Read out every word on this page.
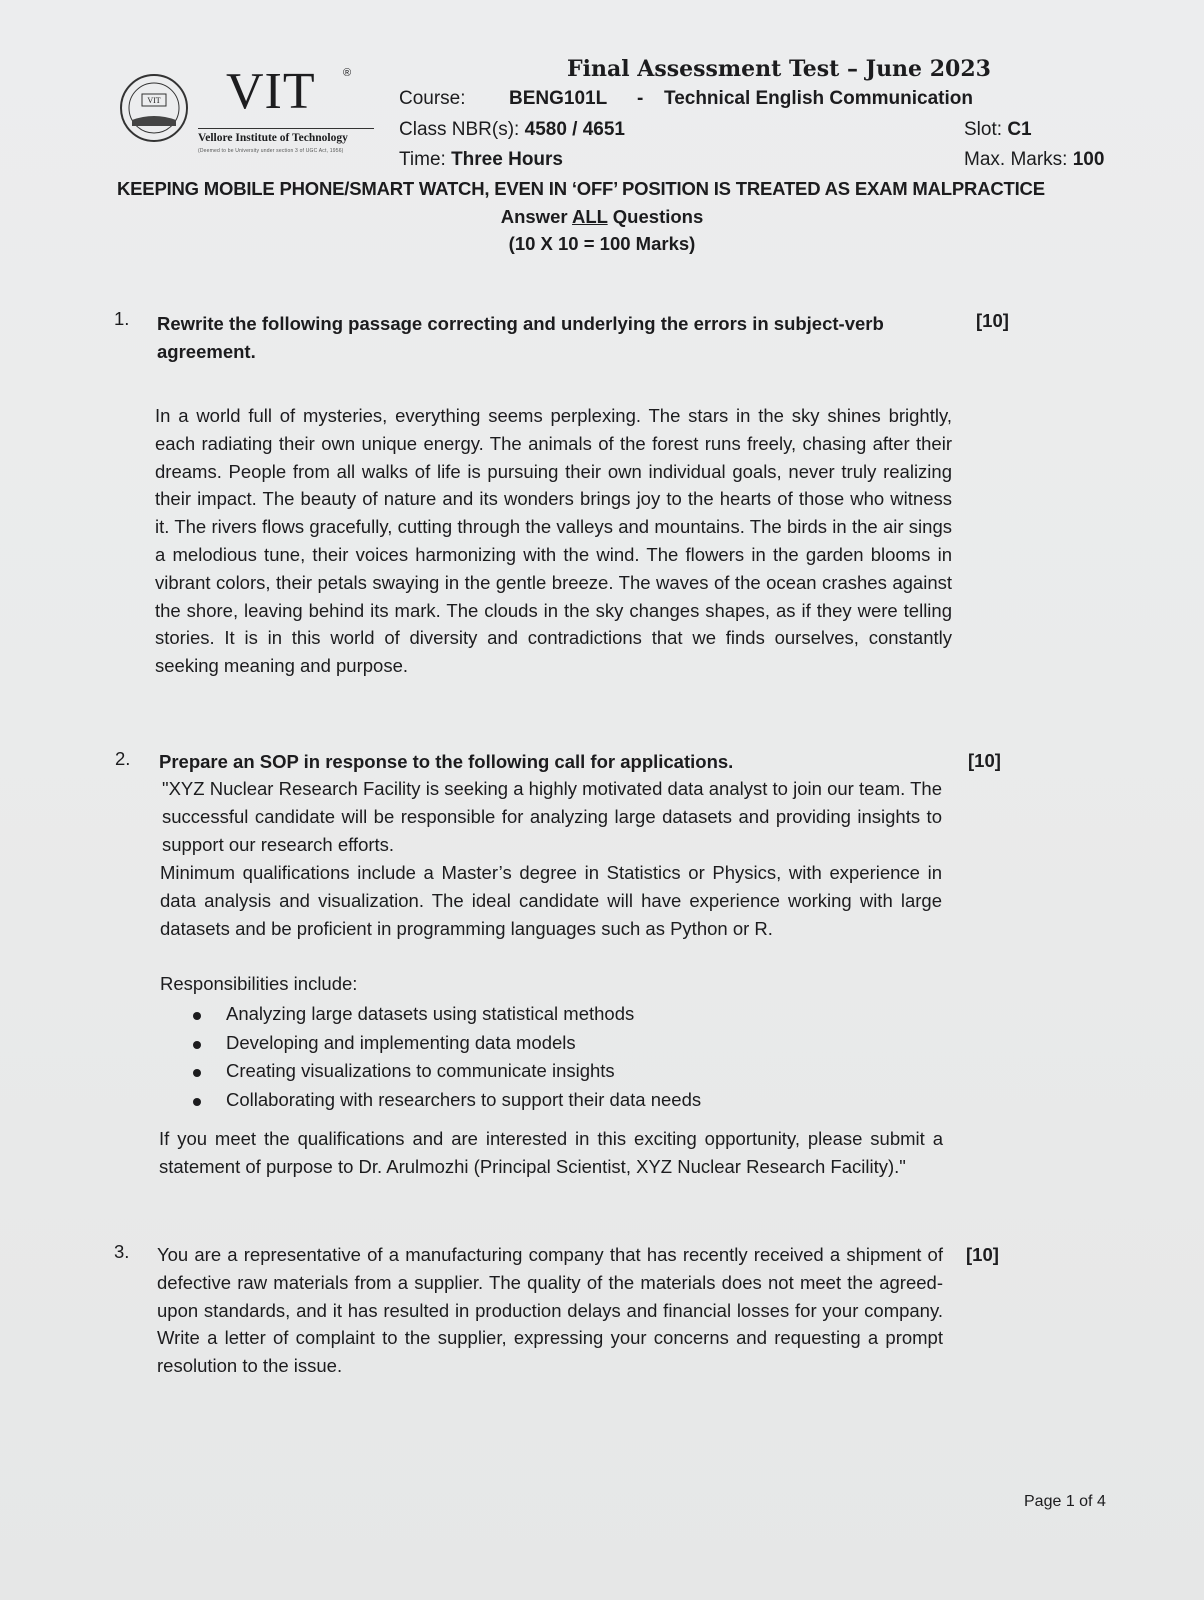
VIT VIT ®
Vellore Institute of Technology
(Deemed to be University under section 3 of UGC Act, 1956)
Final Assessment Test – June 2023
Course: BENG101L - Technical English Communication
Class NBR(s): 4580 / 4651	Slot: C1
Time: Three Hours	Max. Marks: 100
KEEPING MOBILE PHONE/SMART WATCH, EVEN IN ‘OFF’ POSITION IS TREATED AS EXAM MALPRACTICE
Answer ALL Questions
(10 X 10 = 100 Marks)
1. Rewrite the following passage correcting and underlying the errors in subject-verb agreement.
[10]
In a world full of mysteries, everything seems perplexing. The stars in the sky shines brightly, each radiating their own unique energy. The animals of the forest runs freely, chasing after their dreams. People from all walks of life is pursuing their own individual goals, never truly realizing their impact. The beauty of nature and its wonders brings joy to the hearts of those who witness it. The rivers flows gracefully, cutting through the valleys and mountains. The birds in the air sings a melodious tune, their voices harmonizing with the wind. The flowers in the garden blooms in vibrant colors, their petals swaying in the gentle breeze. The waves of the ocean crashes against the shore, leaving behind its mark. The clouds in the sky changes shapes, as if they were telling stories. It is in this world of diversity and contradictions that we finds ourselves, constantly seeking meaning and purpose.
2. Prepare an SOP in response to the following call for applications.	[10]
"XYZ Nuclear Research Facility is seeking a highly motivated data analyst to join our team. The successful candidate will be responsible for analyzing large datasets and providing insights to support our research efforts.
Minimum qualifications include a Master’s degree in Statistics or Physics, with experience in data analysis and visualization. The ideal candidate will have experience working with large datasets and be proficient in programming languages such as Python or R.
Responsibilities include:
Analyzing large datasets using statistical methods
Developing and implementing data models
Creating visualizations to communicate insights
Collaborating with researchers to support their data needs
If you meet the qualifications and are interested in this exciting opportunity, please submit a statement of purpose to Dr. Arulmozhi (Principal Scientist, XYZ Nuclear Research Facility)."
3. You are a representative of a manufacturing company that has recently received a shipment of defective raw materials from a supplier. The quality of the materials does not meet the agreed-upon standards, and it has resulted in production delays and financial losses for your company. Write a letter of complaint to the supplier, expressing your concerns and requesting a prompt resolution to the issue.
[10]
Page 1 of 4
